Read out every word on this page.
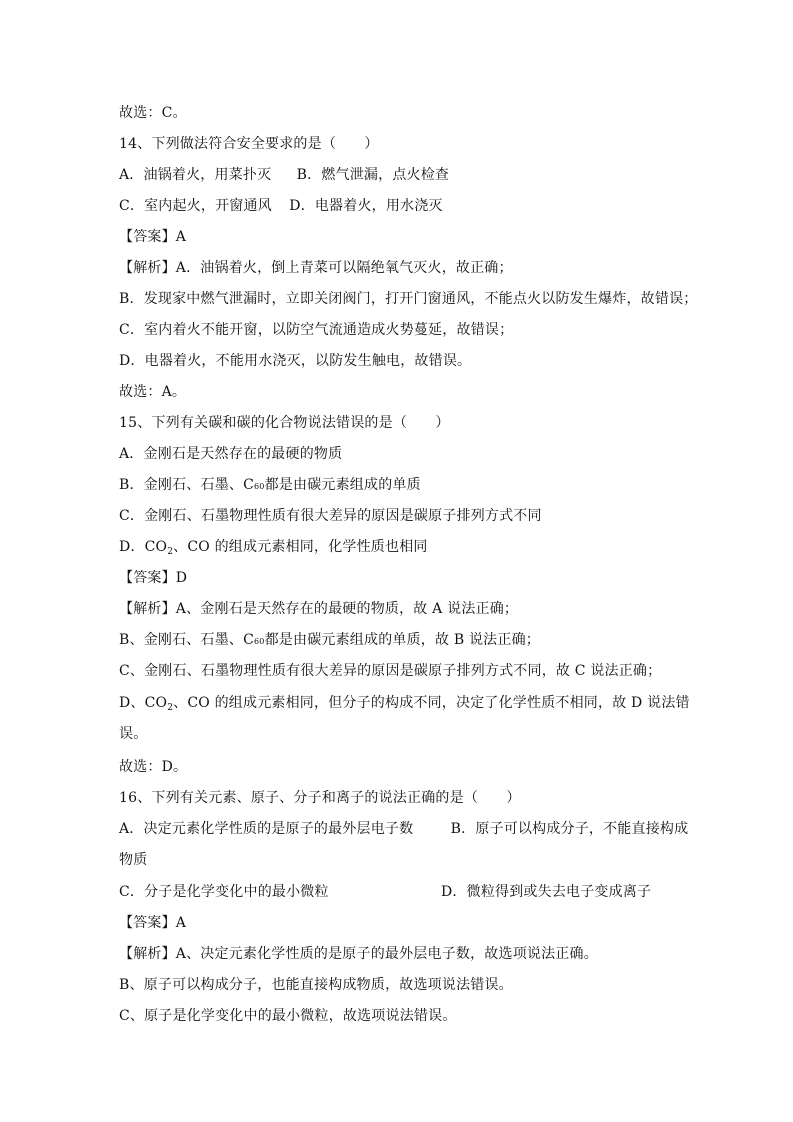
故选：C。
14、下列做法符合安全要求的是（　　）
A．油锅着火，用菜扑灭 B．燃气泄漏，点火检查
C．室内起火，开窗通风 D．电器着火，用水浇灭
【答案】A
【解析】A．油锅着火，倒上青菜可以隔绝氧气灭火，故正确；
B．发现家中燃气泄漏时，立即关闭阀门，打开门窗通风，不能点火以防发生爆炸，故错误；
C．室内着火不能开窗，以防空气流通造成火势蔓延，故错误；
D．电器着火，不能用水浇灭，以防发生触电，故错误。
故选：A。
15、下列有关碳和碳的化合物说法错误的是（　　）
A．金刚石是天然存在的最硬的物质
B．金刚石、石墨、C60都是由碳元素组成的单质
C．金刚石、石墨物理性质有很大差异的原因是碳原子排列方式不同
D．$CO_2$、CO 的组成元素相同，化学性质也相同
【答案】D
【解析】A、金刚石是天然存在的最硬的物质，故 A 说法正确；
B、金刚石、石墨、C60都是由碳元素组成的单质，故 B 说法正确；
C、金刚石、石墨物理性质有很大差异的原因是碳原子排列方式不同，故 C 说法正确；
D、$CO_2$、CO 的组成元素相同，但分子的构成不同，决定了化学性质不相同，故 D 说法错
误。
故选：D。
16、下列有关元素、原子、分子和离子的说法正确的是（　　）
A．决定元素化学性质的是原子的最外层电子数	B．原子可以构成分子，不能直接构成
物质
C．分子是化学变化中的最小微粒	D．微粒得到或失去电子变成离子
【答案】A
【解析】A、决定元素化学性质的是原子的最外层电子数，故选项说法正确。
B、原子可以构成分子，也能直接构成物质，故选项说法错误。
C、原子是化学变化中的最小微粒，故选项说法错误。
